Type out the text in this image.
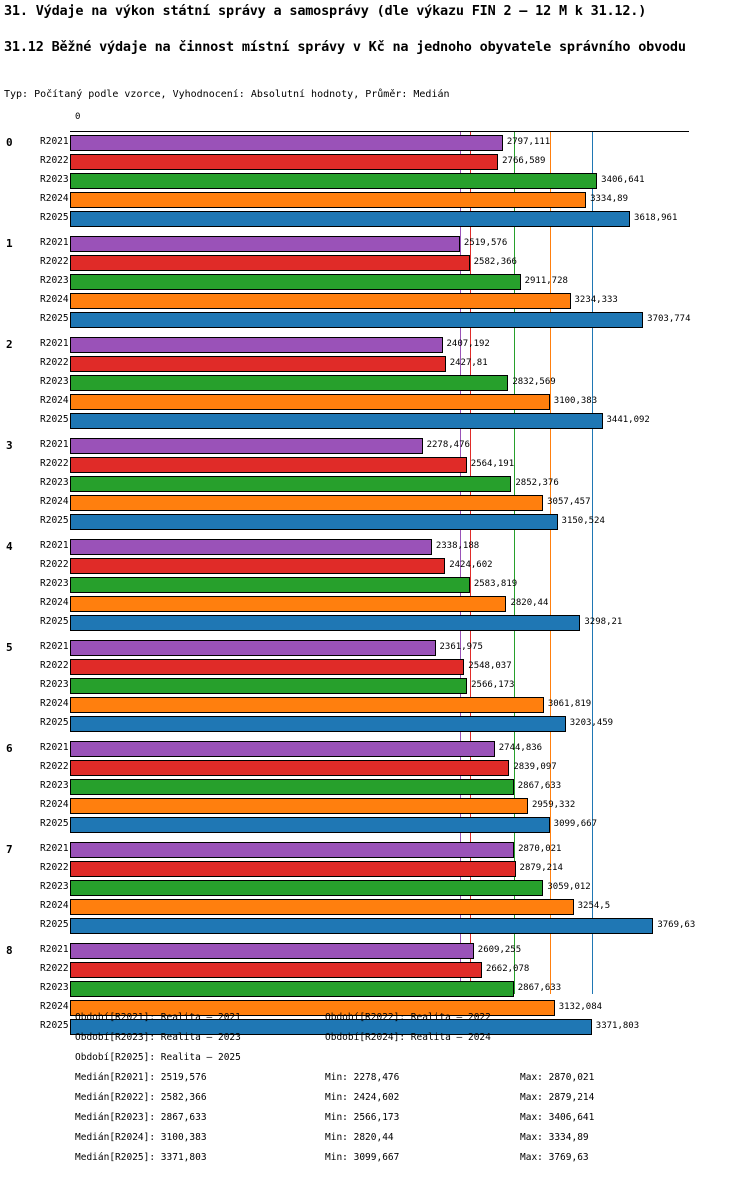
31. Výdaje na výkon státní správy a samosprávy (dle výkazu FIN 2 – 12 M k 31.12.)
31.12 Běžné výdaje na činnost místní správy v Kč na jednoho obyvatele správního obvodu
Typ: Počítaný podle vzorce, Vyhodnocení: Absolutní hodnoty, Průměr: Medián
0
0	R2021	2797,111
R2022	2766,589
R2023	3406,641
R2024	3334,89
R2025	3618,961
1	R2021	2519,576
R2022	2582,366
R2023	2911,728
R2024	3234,333
R2025	3703,774
2	R2021	2407,192
R2022	2427,81
R2023	2832,569
R2024	3100,383
R2025	3441,092
3	R2021	2278,476
R2022	2564,191
R2023	2852,376
R2024	3057,457
R2025	3150,524
4	R2021	2338,188
R2022	2424,602
R2023	2583,819
R2024	2820,44
R2025	3298,21
5	R2021	2361,975
R2022	2548,037
R2023	2566,173
R2024	3061,819
R2025	3203,459
6	R2021	2744,836
R2022	2839,097
R2023	2867,633
R2024	2959,332
R2025	3099,667
7	R2021	2870,021
R2022	2879,214
R2023	3059,012
R2024	3254,5
R2025	3769,63
8	R2021	2609,255
R2022	2662,078
R2023	2867,633
R2024	3132,084
R2025	3371,803
Období[R2021]: Realita – 2021	Období[R2022]: Realita – 2022
Období[R2023]: Realita – 2023	Období[R2024]: Realita – 2024
Období[R2025]: Realita – 2025
Medián[R2021]: 2519,576	Min: 2278,476	Max: 2870,021
Medián[R2022]: 2582,366	Min: 2424,602	Max: 2879,214
Medián[R2023]: 2867,633	Min: 2566,173	Max: 3406,641
Medián[R2024]: 3100,383	Min: 2820,44	Max: 3334,89
Medián[R2025]: 3371,803	Min: 3099,667	Max: 3769,63
